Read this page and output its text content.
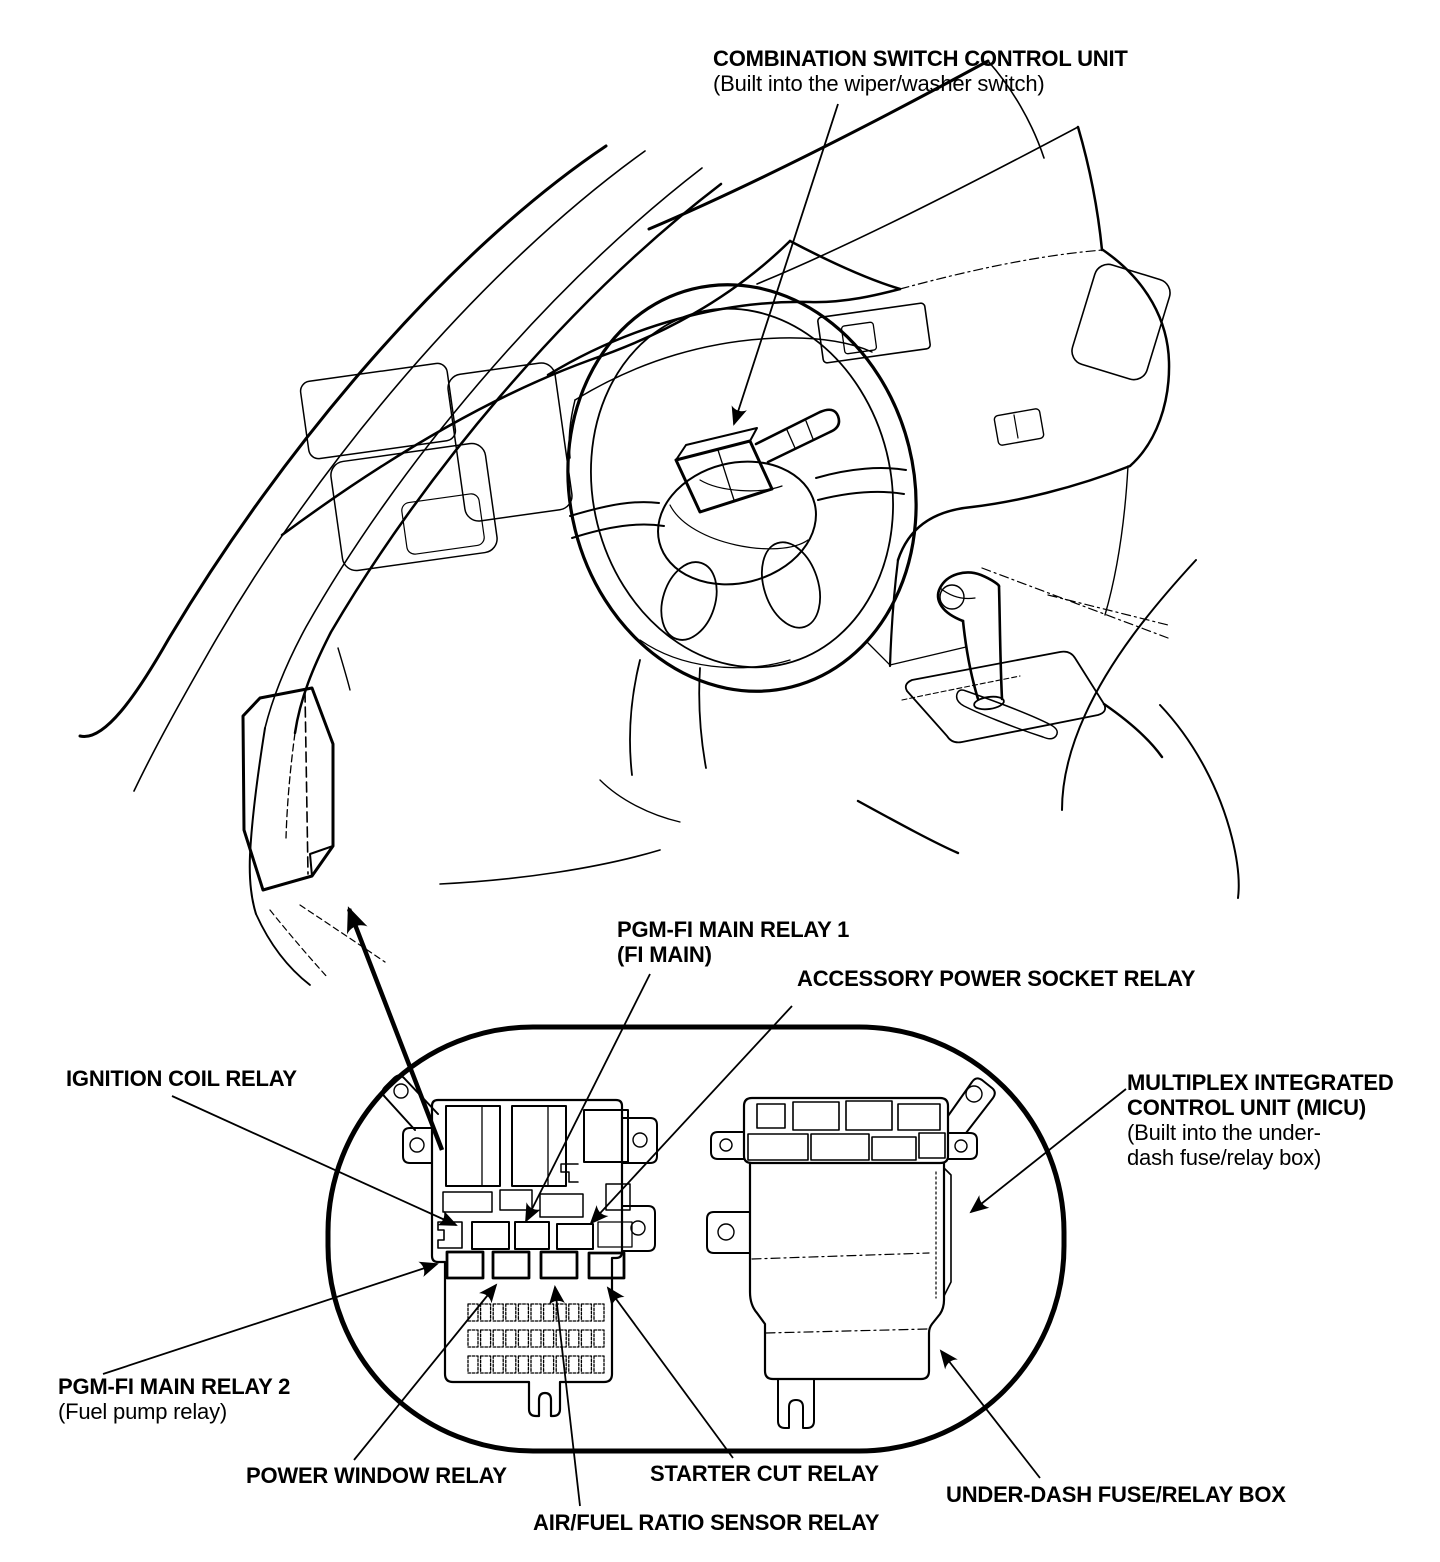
COMBINATION SWITCH CONTROL UNIT
(Built into the wiper/washer switch)
PGM-FI MAIN RELAY 1
(FI MAIN)
ACCESSORY POWER SOCKET RELAY
IGNITION COIL RELAY	MULTIPLEX INTEGRATED
CONTROL UNIT (MICU)
(Built into the under-
dash fuse/relay box)
PGM-FI MAIN RELAY 2
(Fuel pump relay)
POWER WINDOW RELAY	STARTER CUT RELAY
AIR/FUEL RATIO SENSOR RELAY
UNDER-DASH FUSE/RELAY BOX
